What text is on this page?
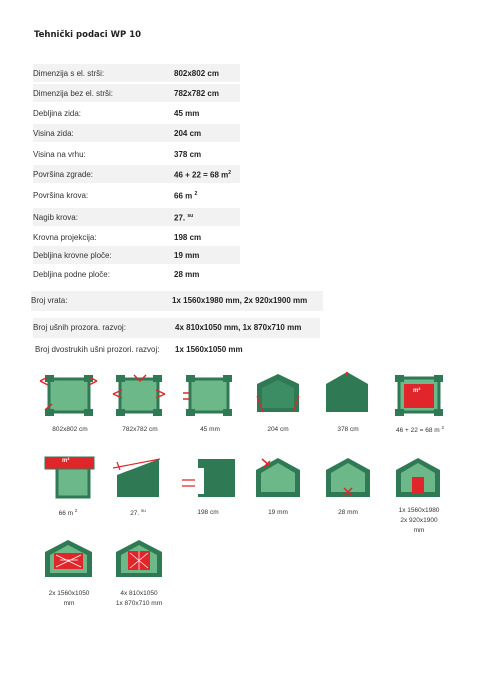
Tehnički podaci WP 10
Dimenzija s el. strši:	802x802 cm
Dimenzija bez el. strši:	782x782 cm
Debljina zida:	45 mm
Visina zida:	204 cm
Visina na vrhu:	378 cm
Površina zgrade:	46 + 22 = 68 $m^2$
Površina krova:	66 m $^2$
Nagib krova:	27. $^{su}$
Krovna projekcija:	198 cm
Debljina krovne ploče:	19 mm
Debljina podne ploče:	28 mm
Broj vrata:	1x 1560x1980 mm, 2x 920x1900 mm
Broj ušnih prozora. razvoj:	4x 810x1050 mm, 1x 870x710 mm
Broj dvostrukih ušni prozori. razvoj: 1x 1560x1050 mm
m²
m²
802x802 cm	782x782 cm	45 mm	204 cm	378 cm	46 + 22 = 68 m $^2$
66 m $^2$	27. $^{su}$	198 cm	19 mm	28 mm	1x 1560x1980
2x 920x1900
mm
2x 1560x1050
mm
4x 810x1050
1x 870x710 mm
